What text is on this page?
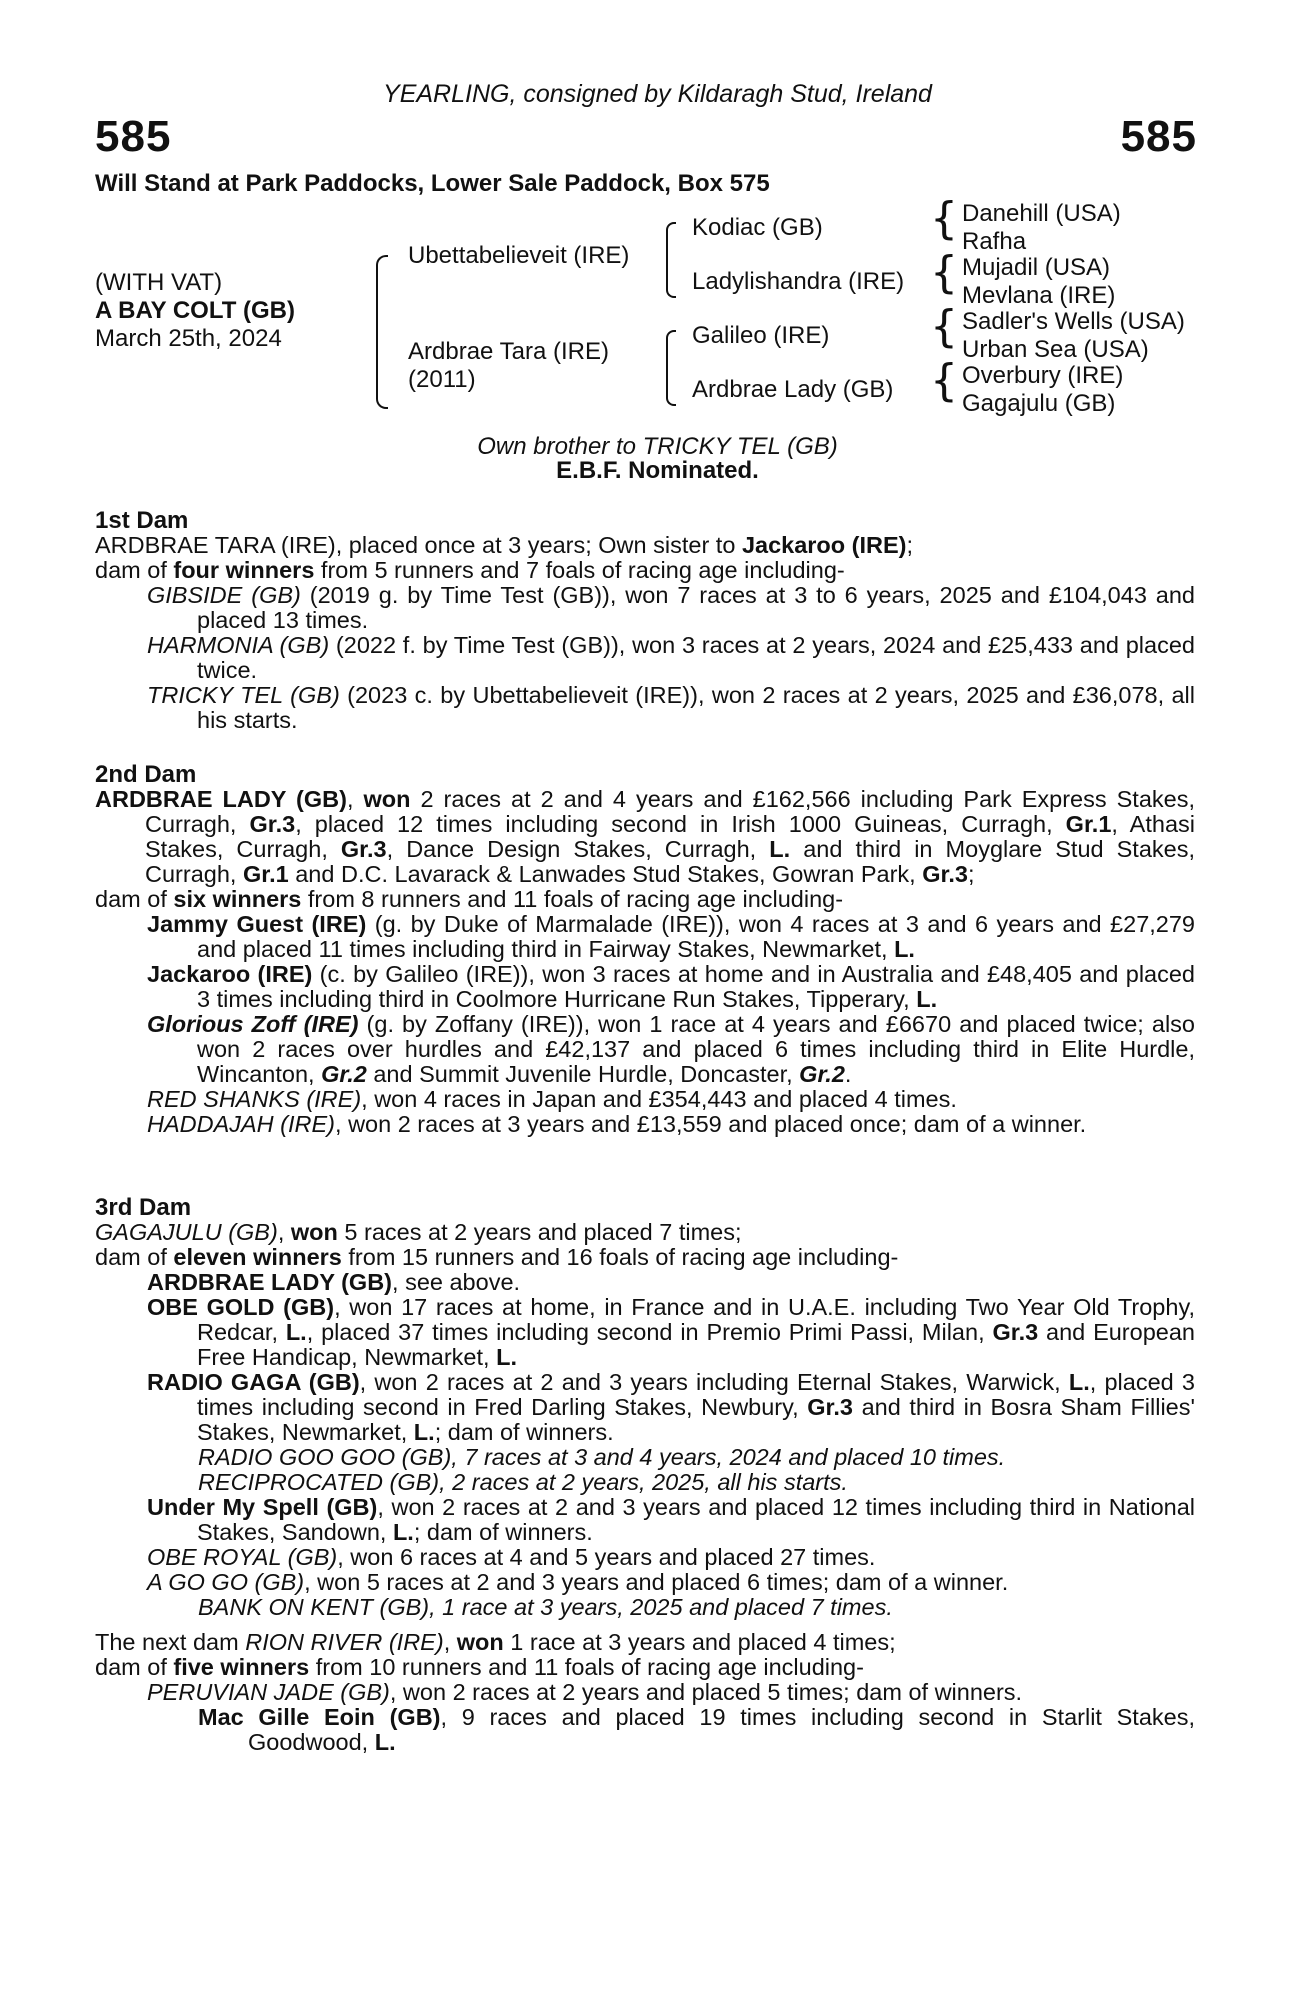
YEARLING, consigned by Kildaragh Stud, Ireland
585	585
Will Stand at Park Paddocks, Lower Sale Paddock, Box 575
(WITH VAT)
A BAY COLT (GB)
March 25th, 2024
Ubettabelieveit (IRE)
Ardbrae Tara (IRE)
(2011)
Kodiac (GB)
Ladylishandra (IRE)
Galileo (IRE)
Ardbrae Lady (GB)
{
{
{
{
Danehill (USA)
Rafha
Mujadil (USA)
Mevlana (IRE)
Sadler's Wells (USA)
Urban Sea (USA)
Overbury (IRE)
Gagajulu (GB)
Own brother to TRICKY TEL (GB)
E.B.F. Nominated.
1st Dam

ARDBRAE TARA (IRE), placed once at 3 years; Own sister to Jackaroo (IRE);

dam of four winners from 5 runners and 7 foals of racing age including-

GIBSIDE (GB) (2019 g. by Time Test (GB)), won 7 races at 3 to 6 years, 2025 and £104,043 and placed 13 times.

HARMONIA (GB) (2022 f. by Time Test (GB)), won 3 races at 2 years, 2024 and £25,433 and placed twice.

TRICKY TEL (GB) (2023 c. by Ubettabelieveit (IRE)), won 2 races at 2 years, 2025 and £36,078, all his starts.

2nd Dam

ARDBRAE LADY (GB), won 2 races at 2 and 4 years and £162,566 including Park Express Stakes, Curragh, Gr.3, placed 12 times including second in Irish 1000 Guineas, Curragh, Gr.1, Athasi Stakes, Curragh, Gr.3, Dance Design Stakes, Curragh, L. and third in Moyglare Stud Stakes, Curragh, Gr.1 and D.C. Lavarack & Lanwades Stud Stakes, Gowran Park, Gr.3;

dam of six winners from 8 runners and 11 foals of racing age including-

Jammy Guest (IRE) (g. by Duke of Marmalade (IRE)), won 4 races at 3 and 6 years and £27,279 and placed 11 times including third in Fairway Stakes, Newmarket, L.

Jackaroo (IRE) (c. by Galileo (IRE)), won 3 races at home and in Australia and £48,405 and placed 3 times including third in Coolmore Hurricane Run Stakes, Tipperary, L.

Glorious Zoff (IRE) (g. by Zoffany (IRE)), won 1 race at 4 years and £6670 and placed twice; also won 2 races over hurdles and £42,137 and placed 6 times including third in Elite Hurdle, Wincanton, Gr.2 and Summit Juvenile Hurdle, Doncaster, Gr.2.

RED SHANKS (IRE), won 4 races in Japan and £354,443 and placed 4 times.

HADDAJAH (IRE), won 2 races at 3 years and £13,559 and placed once; dam of a winner.

3rd Dam

GAGAJULU (GB), won 5 races at 2 years and placed 7 times;

dam of eleven winners from 15 runners and 16 foals of racing age including-

ARDBRAE LADY (GB), see above.

OBE GOLD (GB), won 17 races at home, in France and in U.A.E. including Two Year Old Trophy, Redcar, L., placed 37 times including second in Premio Primi Passi, Milan, Gr.3 and European Free Handicap, Newmarket, L.

RADIO GAGA (GB), won 2 races at 2 and 3 years including Eternal Stakes, Warwick, L., placed 3 times including second in Fred Darling Stakes, Newbury, Gr.3 and third in Bosra Sham Fillies' Stakes, Newmarket, L.; dam of winners.

RADIO GOO GOO (GB), 7 races at 3 and 4 years, 2024 and placed 10 times.

RECIPROCATED (GB), 2 races at 2 years, 2025, all his starts.

Under My Spell (GB), won 2 races at 2 and 3 years and placed 12 times including third in National Stakes, Sandown, L.; dam of winners.

OBE ROYAL (GB), won 6 races at 4 and 5 years and placed 27 times.

A GO GO (GB), won 5 races at 2 and 3 years and placed 6 times; dam of a winner.

BANK ON KENT (GB), 1 race at 3 years, 2025 and placed 7 times.

The next dam RION RIVER (IRE), won 1 race at 3 years and placed 4 times;

dam of five winners from 10 runners and 11 foals of racing age including-

PERUVIAN JADE (GB), won 2 races at 2 years and placed 5 times; dam of winners.

Mac Gille Eoin (GB), 9 races and placed 19 times including second in Starlit Stakes, Goodwood, L.
